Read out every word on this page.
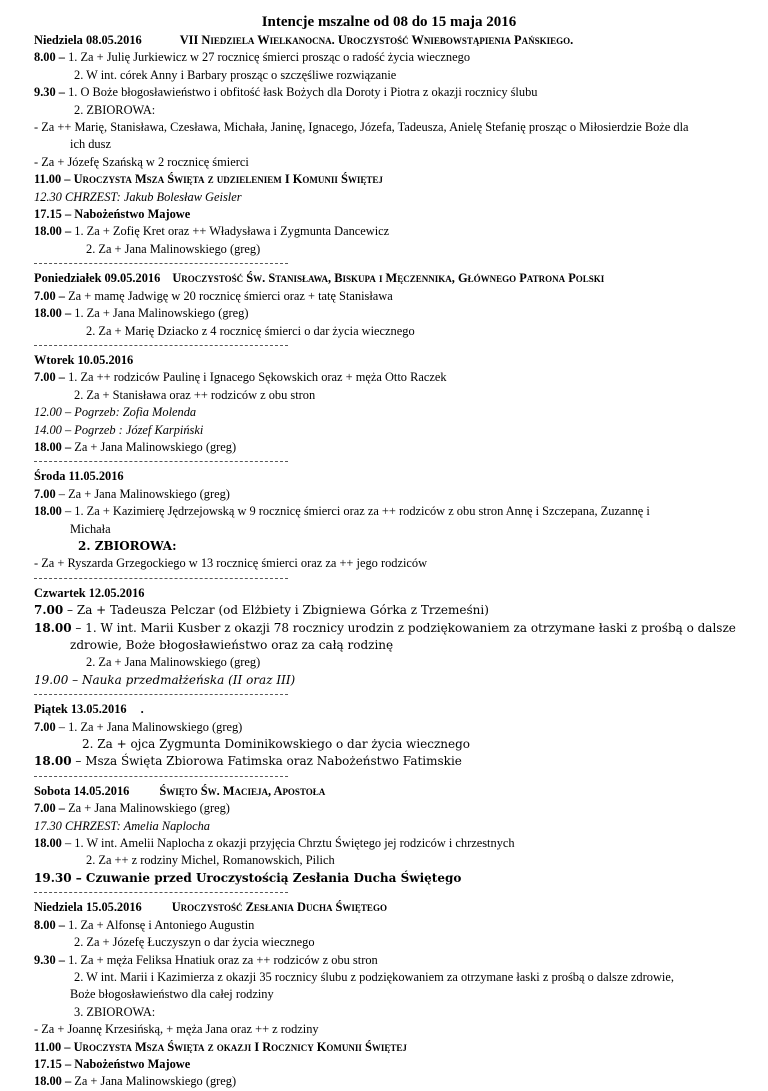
Intencje mszalne od 08 do 15 maja 2016
Niedziela 08.05.2016	VII Niedziela Wielkanocna. Uroczystość Wniebowstąpienia Pańskiego.
8.00 – 1. Za + Julię Jurkiewicz w 27 rocznicę śmierci prosząc o radość życia wiecznego
2. W int. córek Anny i Barbary prosząc o szczęśliwe rozwiązanie
9.30 – 1. O Boże błogosławieństwo i obfitość łask Bożych dla Doroty i Piotra z okazji rocznicy ślubu
2. ZBIOROWA:
- Za ++ Marię, Stanisława, Czesława, Michała, Janinę, Ignacego, Józefa, Tadeusza, Anielę Stefanię prosząc o Miłosierdzie Boże dla
ich dusz
- Za + Józefę Szańską w 2 rocznicę śmierci
11.00 – Uroczysta Msza Święta z udzieleniem I Komunii Świętej
12.30 CHRZEST: Jakub Bolesław Geisler
17.15 – Nabożeństwo Majowe
18.00 – 1. Za + Zofię Kret oraz ++ Władysława i Zygmunta Dancewicz
2. Za + Jana Malinowskiego (greg)
Poniedziałek 09.05.2016 Uroczystość Św. Stanisława, Biskupa i Męczennika, Głównego Patrona Polski
7.00 – Za + mamę Jadwigę w 20 rocznicę śmierci oraz + tatę Stanisława
18.00 – 1. Za + Jana Malinowskiego (greg)
2. Za + Marię Dziacko z 4 rocznicę śmierci o dar życia wiecznego
Wtorek 10.05.2016
7.00 – 1. Za ++ rodziców Paulinę i Ignacego Sękowskich oraz + męża Otto Raczek
2. Za + Stanisława oraz ++ rodziców z obu stron
12.00 – Pogrzeb: Zofia Molenda
14.00 – Pogrzeb : Józef Karpiński
18.00 – Za + Jana Malinowskiego (greg)
Środa 11.05.2016
7.00 – Za + Jana Malinowskiego (greg)
18.00 – 1. Za + Kazimierę Jędrzejowską w 9 rocznicę śmierci oraz za ++ rodziców z obu stron Annę i Szczepana, Zuzannę i
Michała
2. ZBIOROWA:
- Za + Ryszarda Grzegockiego w 13 rocznicę śmierci oraz za ++ jego rodziców
Czwartek 12.05.2016
7.00 – Za + Tadeusza Pelczar (od Elżbiety i Zbigniewa Górka z Trzemeśni)
18.00 – 1. W int. Marii Kusber z okazji 78 rocznicy urodzin z podziękowaniem za otrzymane łaski z prośbą o dalsze
zdrowie, Boże błogosławieństwo oraz za całą rodzinę
2. Za + Jana Malinowskiego (greg)
19.00 – Nauka przedmałżeńska (II oraz III)
Piątek 13.05.2016 .
7.00 – 1. Za + Jana Malinowskiego (greg)
2. Za + ojca Zygmunta Dominikowskiego o dar życia wiecznego
18.00 – Msza Święta Zbiorowa Fatimska oraz Nabożeństwo Fatimskie
Sobota 14.05.2016 Święto Św. Macieja, Apostoła
7.00 – Za + Jana Malinowskiego (greg)
17.30 CHRZEST: Amelia Naplocha
18.00 – 1. W int. Amelii Naplocha z okazji przyjęcia Chrztu Świętego jej rodziców i chrzestnych
2. Za ++ z rodziny Michel, Romanowskich, Pilich
19.30 – Czuwanie przed Uroczystością Zesłania Ducha Świętego
Niedziela 15.05.2016 Uroczystość Zesłania Ducha Świętego
8.00 – 1. Za + Alfonsę i Antoniego Augustin
2. Za + Józefę Łuczyszyn o dar życia wiecznego
9.30 – 1. Za + męża Feliksa Hnatiuk oraz za ++ rodziców z obu stron
2. W int. Marii i Kazimierza z okazji 35 rocznicy ślubu z podziękowaniem za otrzymane łaski z prośbą o dalsze zdrowie,
Boże błogosławieństwo dla całej rodziny
3. ZBIOROWA:
- Za + Joannę Krzesińską, + męża Jana oraz ++ z rodziny
11.00 – Uroczysta Msza Święta z okazji I Rocznicy Komunii Świętej
17.15 – Nabożeństwo Majowe
18.00 – Za + Jana Malinowskiego (greg)
